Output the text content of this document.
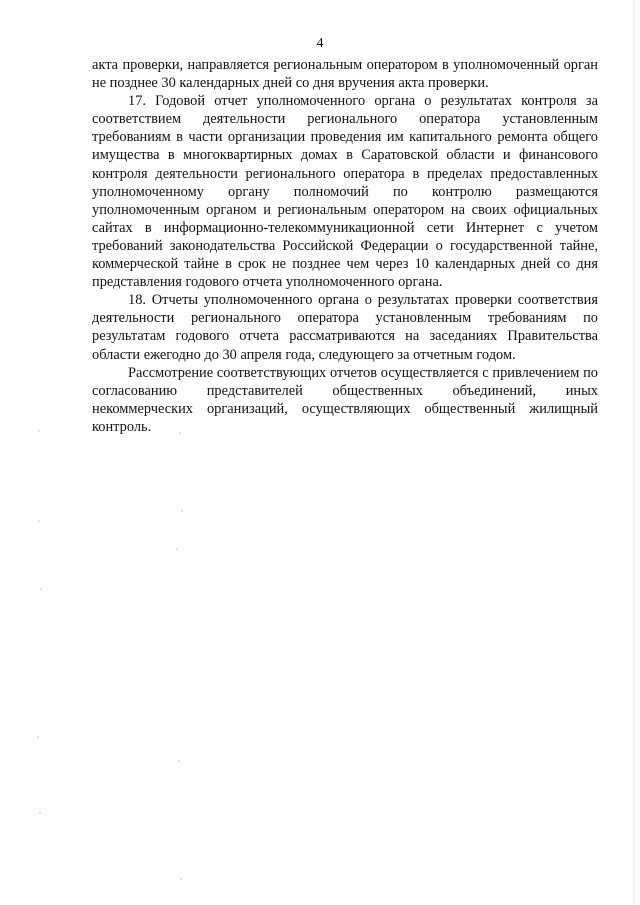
4

акта проверки, направляется региональным оператором в уполномоченный орган не позднее 30 календарных дней со дня вручения акта проверки.

17. Годовой отчет уполномоченного органа о результатах контроля за соответствием деятельности регионального оператора установленным требованиям в части организации проведения им капитального ремонта общего имущества в многоквартирных домах в Саратовской области и финансового контроля деятельности регионального оператора в пределах предоставленных уполномоченному органу полномочий по контролю размещаются уполномоченным органом и региональным оператором на своих официальных сайтах в информационно-телекоммуникационной сети Интернет с учетом требований законодательства Российской Федерации о государственной тайне, коммерческой тайне в срок не позднее чем через 10 календарных дней со дня представления годового отчета уполномоченного органа.

18. Отчеты уполномоченного органа о результатах проверки соответствия деятельности регионального оператора установленным требованиям по результатам годового отчета рассматриваются на заседаниях Правительства области ежегодно до 30 апреля года, следующего за отчетным годом.

Рассмотрение соответствующих отчетов осуществляется с привлечением по согласованию представителей общественных объединений, иных некоммерческих организаций, осуществляющих общественный жилищный контроль.
